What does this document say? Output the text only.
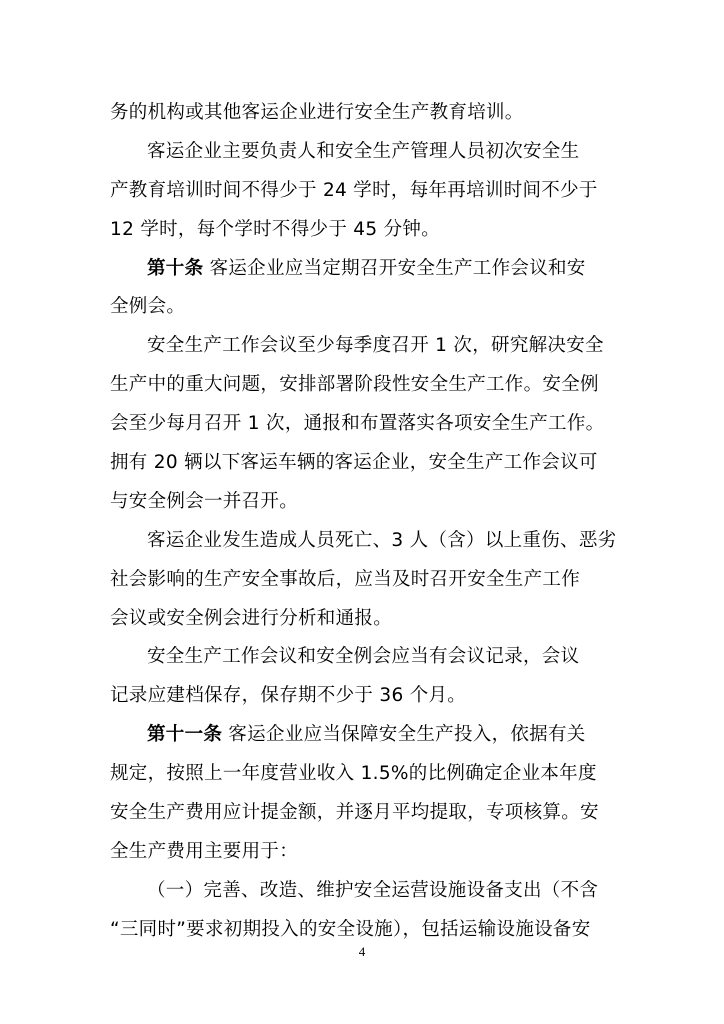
务的机构或其他客运企业进行安全生产教育培训。
客运企业主要负责人和安全生产管理人员初次安全生
产教育培训时间不得少于 24 学时，每年再培训时间不少于
12 学时，每个学时不得少于 45 分钟。
第十条 客运企业应当定期召开安全生产工作会议和安
全例会。
安全生产工作会议至少每季度召开 1 次，研究解决安全
生产中的重大问题，安排部署阶段性安全生产工作。安全例
会至少每月召开 1 次，通报和布置落实各项安全生产工作。
拥有 20 辆以下客运车辆的客运企业，安全生产工作会议可
与安全例会一并召开。
客运企业发生造成人员死亡、3 人（含）以上重伤、恶劣
社会影响的生产安全事故后，应当及时召开安全生产工作
会议或安全例会进行分析和通报。
安全生产工作会议和安全例会应当有会议记录，会议
记录应建档保存，保存期不少于 36 个月。
第十一条 客运企业应当保障安全生产投入，依据有关
规定，按照上一年度营业收入 1.5%的比例确定企业本年度
安全生产费用应计提金额，并逐月平均提取，专项核算。安
全生产费用主要用于：
（一）完善、改造、维护安全运营设施设备支出（不含
“三同时”要求初期投入的安全设施），包括运输设施设备安
4
